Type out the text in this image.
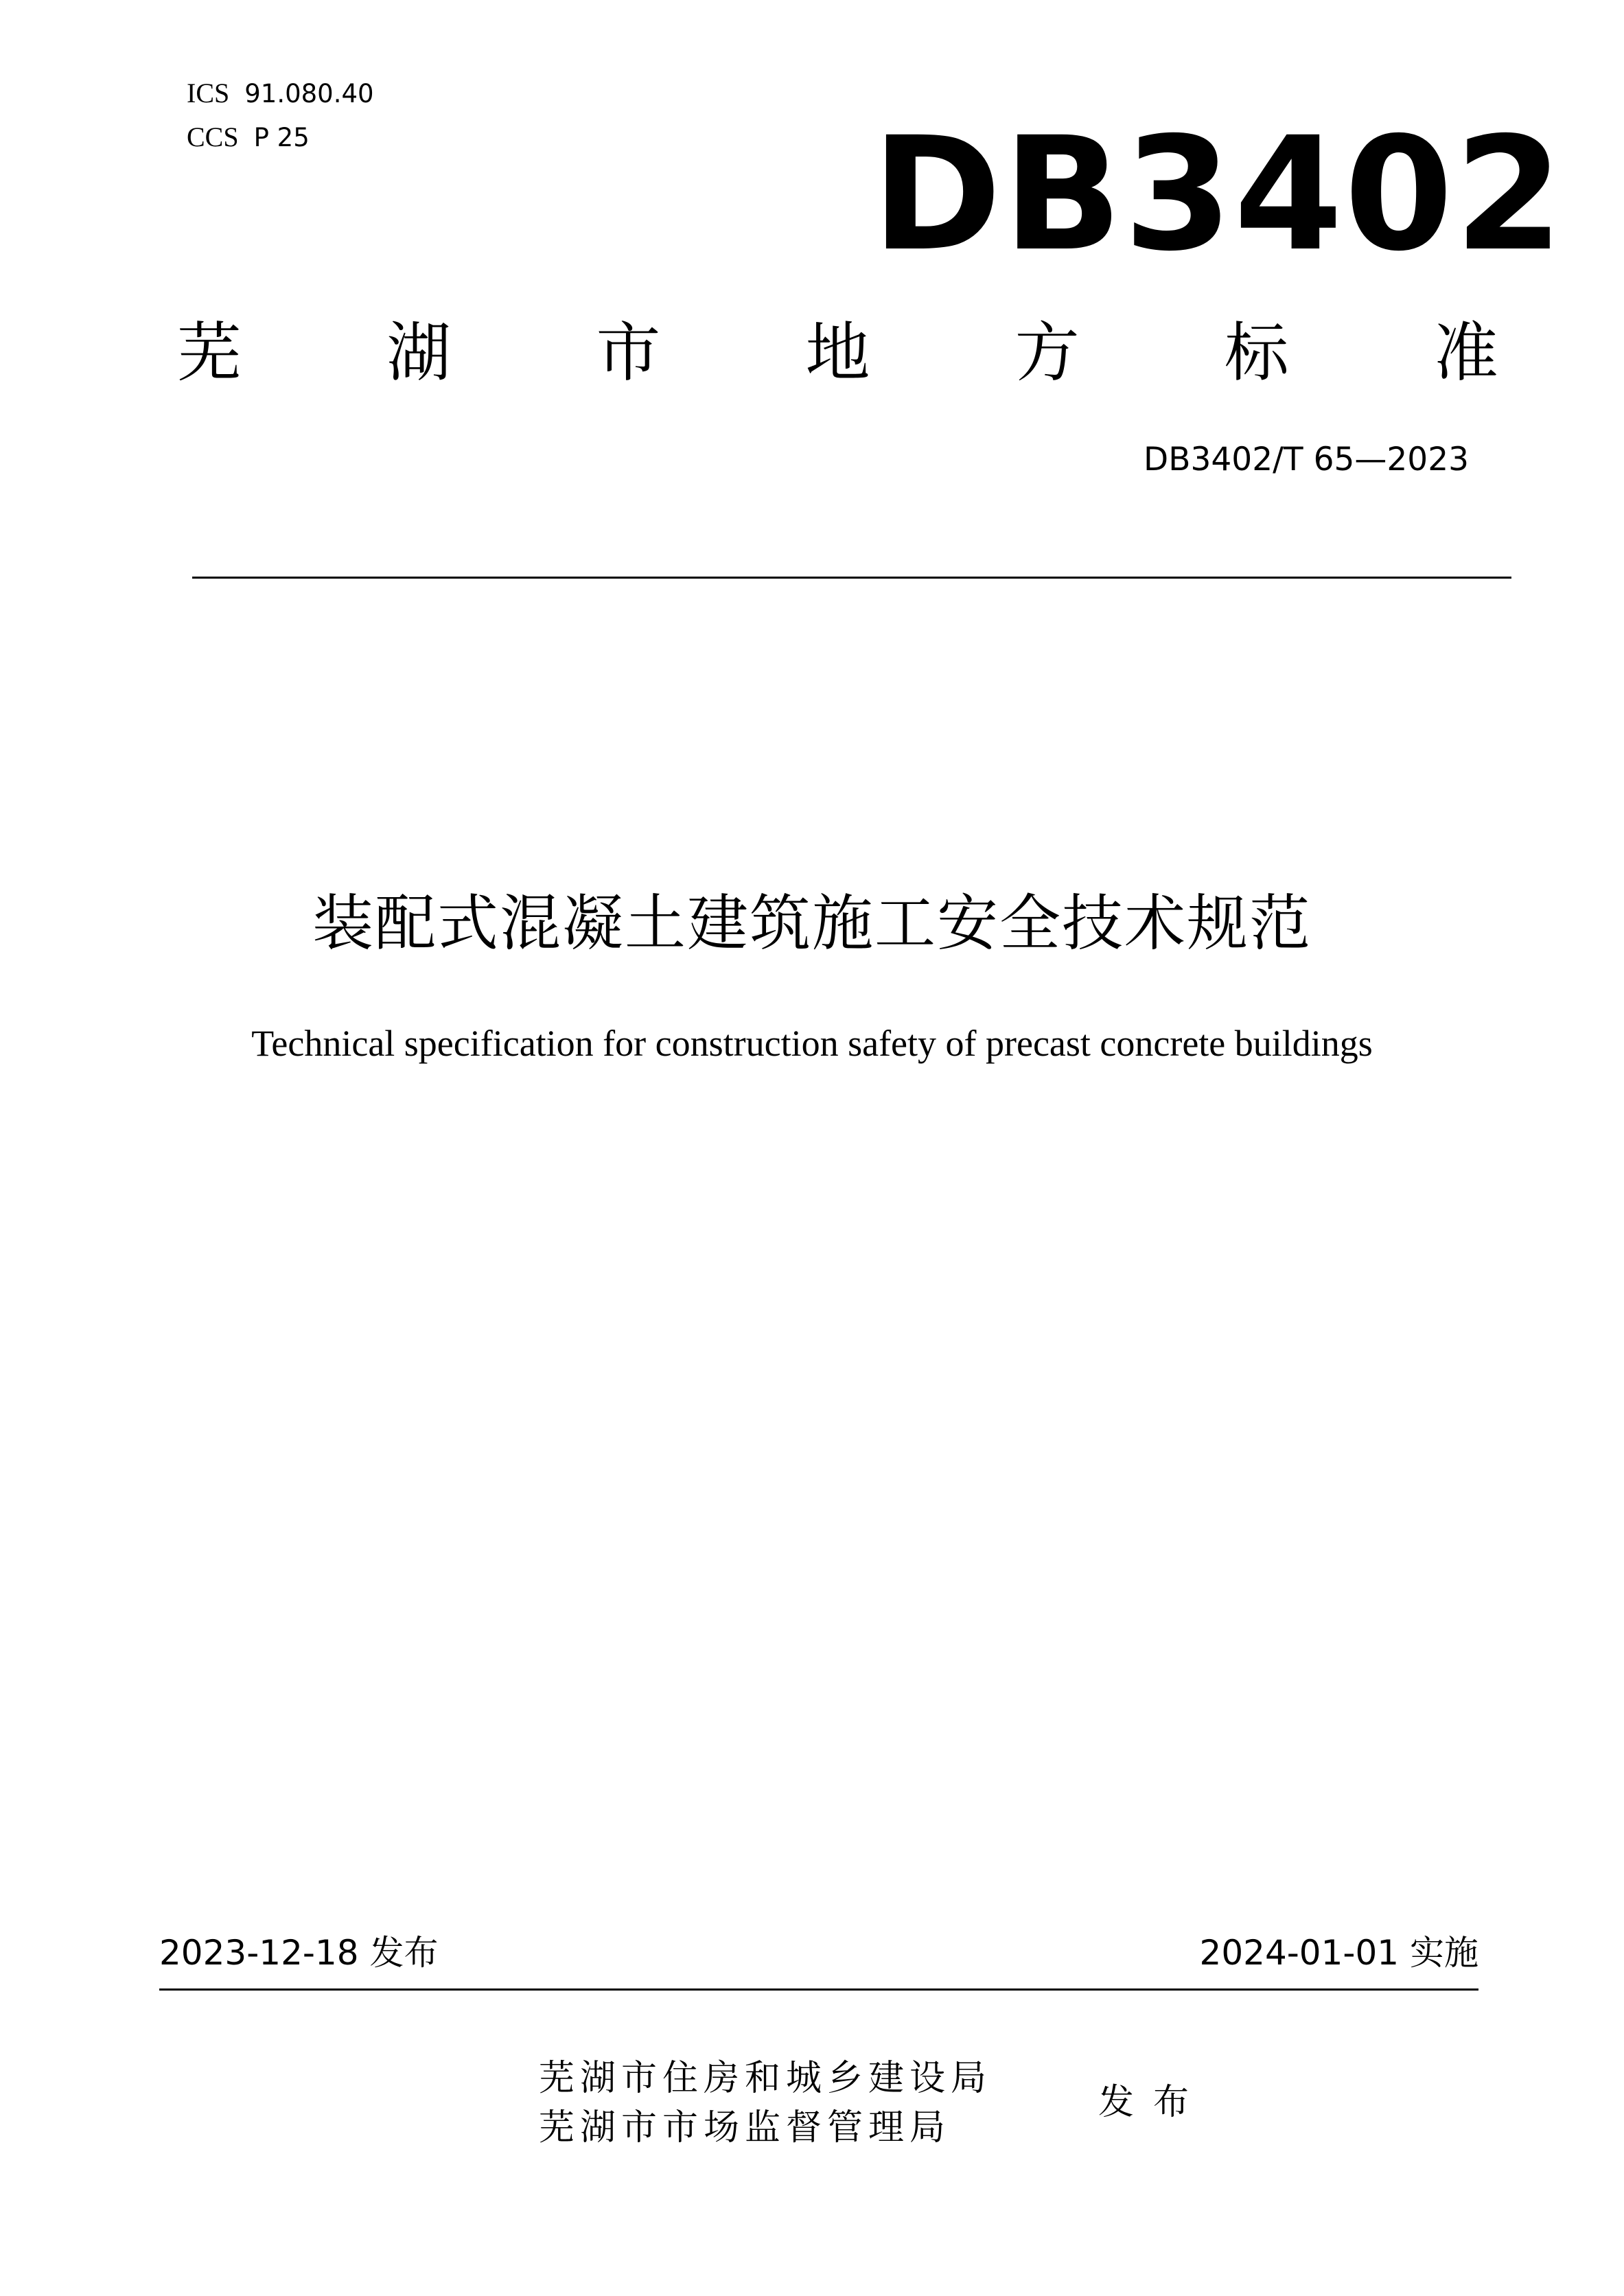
ICS 91.080.40
CCS P 25	DB3402
芜 湖 市 地 方 标 准
DB3402/T 65—2023
装配式混凝土建筑施工安全技术规范
Technical specification for construction safety of precast concrete buildings
2023-12-18 发布	2024-01-01 实施
芜湖市住房和城乡建设局
芜湖市市场监督管理局
发布
